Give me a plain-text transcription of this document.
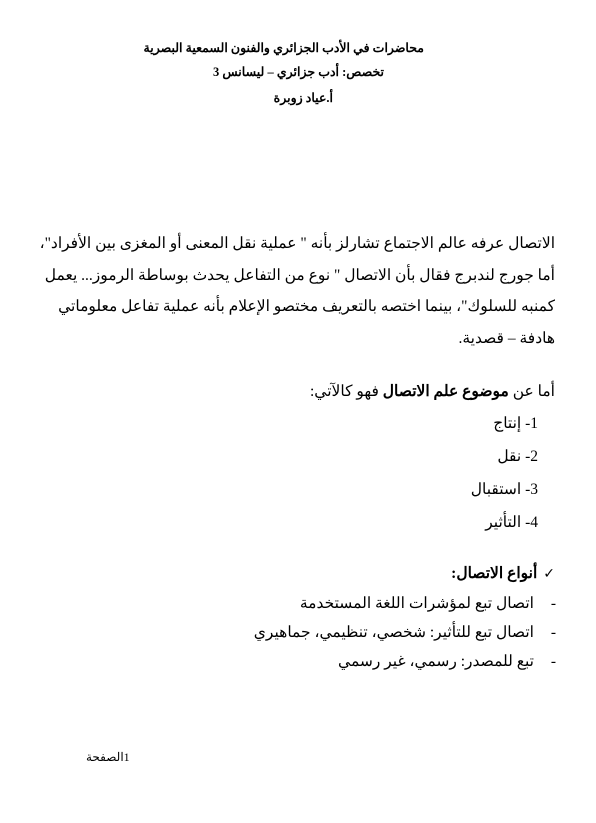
محاضرات في الأدب الجزائري والفنون السمعية البصرية
تخصص: أدب جزائري – ليسانس 3
أ.عياد زوبرة
الاتصال عرفه عالم الاجتماع تشارلز بأنه " عملية نقل المعنى أو المغزى بين الأفراد"،
أما جورج لندبرج فقال بأن الاتصال " نوع من التفاعل يحدث بوساطة الرموز... يعمل
كمنبه للسلوك"، بينما اختصه بالتعريف مختصو الإعلام بأنه عملية تفاعل معلوماتي
هادفة – قصدية.
أما عن موضوع علم الاتصال فهو كالآتي:
1- إنتاج
2- نقل
3- استقبال
4- التأثير
✓أنواع الاتصال:
-اتصال تبع لمؤشرات اللغة المستخدمة
-اتصال تبع للتأثير: شخصي، تنظيمي، جماهيري
-تبع للمصدر: رسمي، غير رسمي
1الصفحة
